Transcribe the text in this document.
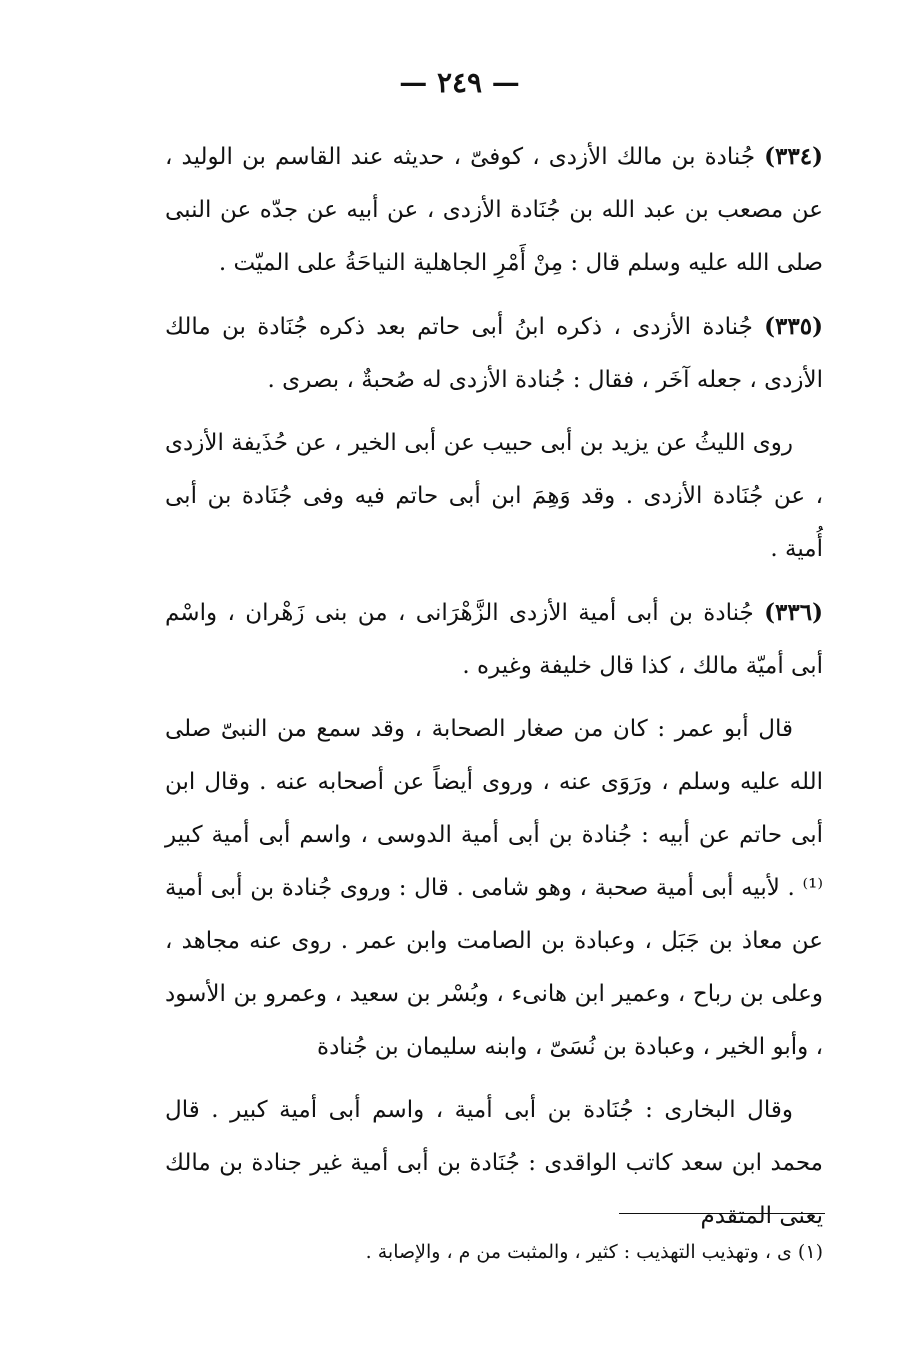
— ٢٤٩ —

(٣٣٤) جُنادة بن مالك الأزدى ، كوفىّ ، حديثه عند القاسم بن الوليد ، عن مصعب بن عبد الله بن جُنَادة الأزدى ، عن أبيه عن جدّه عن النبى صلى الله عليه وسلم قال : مِنْ أَمْرِ الجاهلية النياحَةُ على الميّت .

(٣٣٥) جُنادة الأزدى ، ذكره ابنُ أبى حاتم بعد ذكره جُنَادة بن مالك الأزدى ، جعله آخَر ، فقال : جُنادة الأزدى له صُحبةٌ ، بصرى .

روى الليثُ عن يزيد بن أبى حبيب عن أبى الخير ، عن حُذَيفة الأزدى ، عن جُنَادة الأزدى . وقد وَهِمَ ابن أبى حاتم فيه وفى جُنَادة بن أبى أُمية .

(٣٣٦) جُنادة بن أبى أمية الأزدى الزَّهْرَانى ، من بنى زَهْران ، واسْم أبى أميّة مالك ، كذا قال خليفة وغيره .

قال أبو عمر : كان من صغار الصحابة ، وقد سمع من النبىّ صلى الله عليه وسلم ، ورَوَى عنه ، وروى أيضاً عن أصحابه عنه . وقال ابن أبى حاتم عن أبيه : جُنادة بن أبى أمية الدوسى ، واسم أبى أمية كبير ⁽¹⁾ . لأبيه أبى أمية صحبة ، وهو شامى . قال : وروى جُنادة بن أبى أمية عن معاذ بن جَبَل ، وعبادة بن الصامت وابن عمر . روى عنه مجاهد ، وعلى بن رباح ، وعمير ابن هانىء ، وبُسْر بن سعيد ، وعمرو بن الأسود ، وأبو الخير ، وعبادة بن نُسَىّ ، وابنه سليمان بن جُنادة

وقال البخارى : جُنَادة بن أبى أمية ، واسم أبى أمية كبير . قال محمد ابن سعد كاتب الواقدى : جُنَادة بن أبى أمية غير جنادة بن مالك يعنى المتقدم

(١) ى ، وتهذيب التهذيب : كثير ، والمثبت من م ، والإصابة .
